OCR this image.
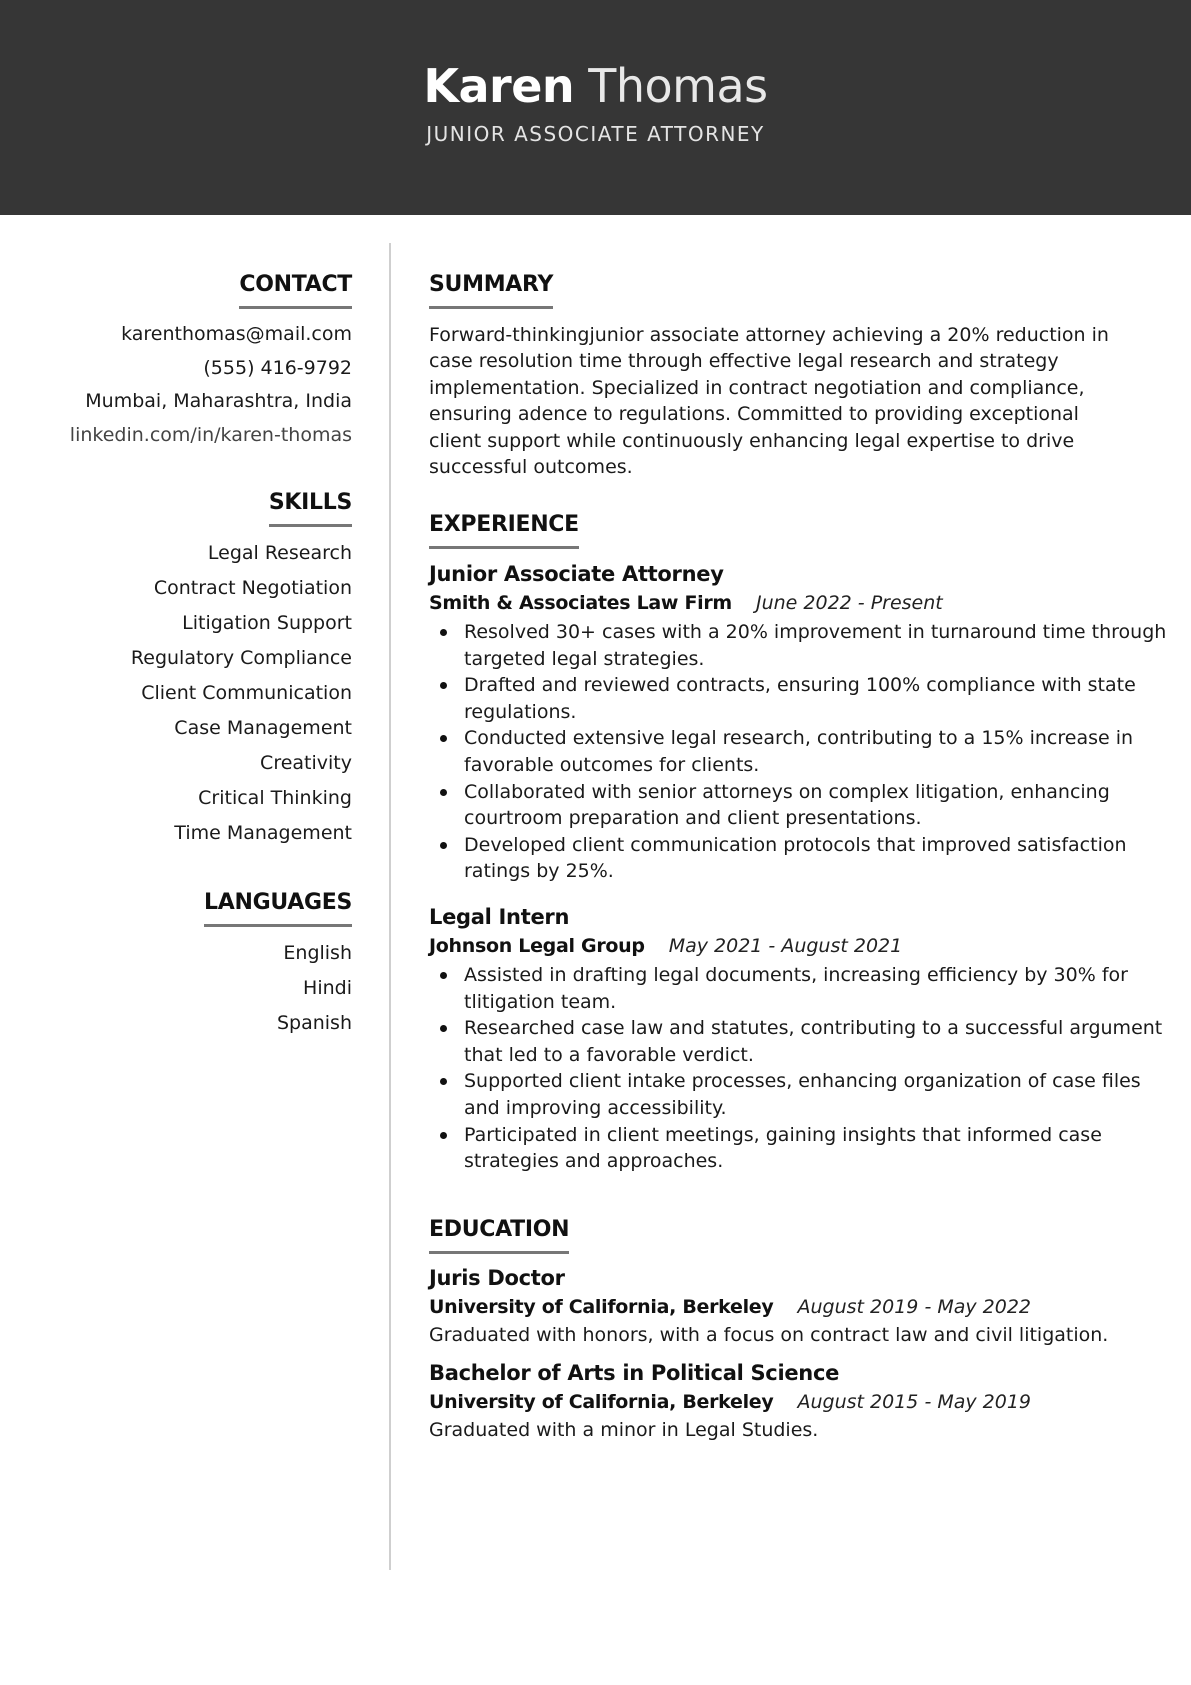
Karen Thomas
JUNIOR ASSOCIATE ATTORNEY
CONTACT
karenthomas@mail.com
(555) 416-9792
Mumbai, Maharashtra, India
linkedin.com/in/karen-thomas
SKILLS
Legal Research
Contract Negotiation
Litigation Support
Regulatory Compliance
Client Communication
Case Management
Creativity
Critical Thinking
Time Management
LANGUAGES
English
Hindi
Spanish
SUMMARY
Forward-thinkingjunior associate attorney achieving a 20% reduction in case resolution time through effective legal research and strategy implementation. Specialized in contract negotiation and compliance, ensuring adence to regulations. Committed to providing exceptional client support while continuously enhancing legal expertise to drive successful outcomes.
EXPERIENCE
Junior Associate Attorney
Smith & Associates Law Firm June 2022 - Present
Resolved 30+ cases with a 20% improvement in turnaround time through targeted legal strategies.
Drafted and reviewed contracts, ensuring 100% compliance with state regulations.
Conducted extensive legal research, contributing to a 15% increase in favorable outcomes for clients.
Collaborated with senior attorneys on complex litigation, enhancing courtroom preparation and client presentations.
Developed client communication protocols that improved satisfaction ratings by 25%.
Legal Intern
Johnson Legal Group May 2021 - August 2021
Assisted in drafting legal documents, increasing efficiency by 30% for tlitigation team.
Researched case law and statutes, contributing to a successful argument that led to a favorable verdict.
Supported client intake processes, enhancing organization of case files and improving accessibility.
Participated in client meetings, gaining insights that informed case strategies and approaches.
EDUCATION
Juris Doctor
University of California, Berkeley August 2019 - May 2022
Graduated with honors, with a focus on contract law and civil litigation.
Bachelor of Arts in Political Science
University of California, Berkeley August 2015 - May 2019
Graduated with a minor in Legal Studies.
